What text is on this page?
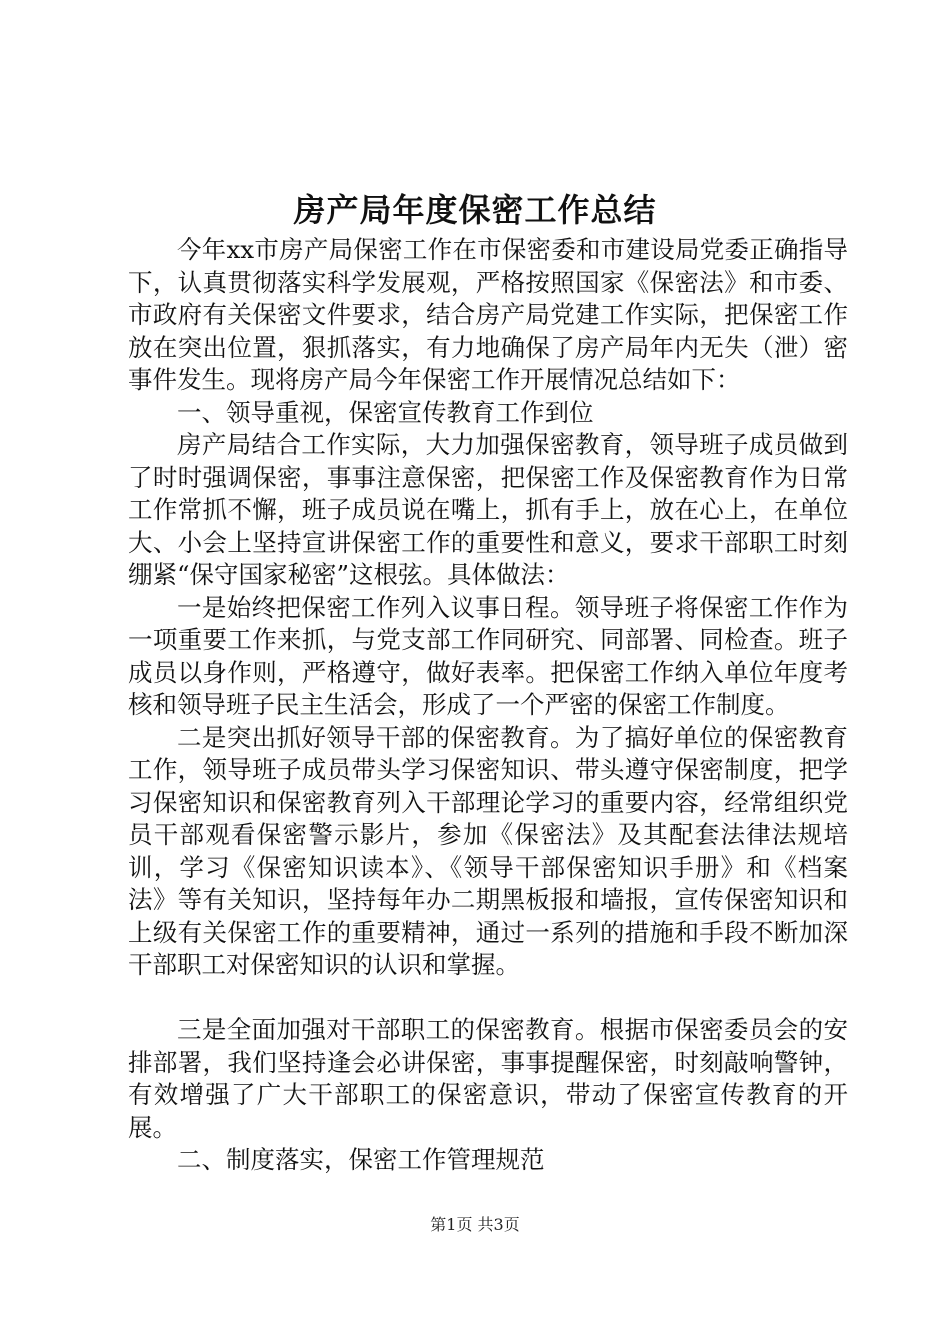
房产局年度保密工作总结

今年xx市房产局保密工作在市保密委和市建设局党委正确指导下，认真贯彻落实科学发展观，严格按照国家《保密法》和市委、市政府有关保密文件要求，结合房产局党建工作实际，把保密工作放在突出位置，狠抓落实，有力地确保了房产局年内无失（泄）密事件发生。现将房产局今年保密工作开展情况总结如下：

一、领导重视，保密宣传教育工作到位

房产局结合工作实际，大力加强保密教育，领导班子成员做到了时时强调保密，事事注意保密，把保密工作及保密教育作为日常工作常抓不懈，班子成员说在嘴上，抓有手上，放在心上，在单位大、小会上坚持宣讲保密工作的重要性和意义，要求干部职工时刻绷紧“保守国家秘密”这根弦。具体做法：

一是始终把保密工作列入议事日程。领导班子将保密工作作为一项重要工作来抓，与党支部工作同研究、同部署、同检查。班子成员以身作则，严格遵守，做好表率。把保密工作纳入单位年度考核和领导班子民主生活会，形成了一个严密的保密工作制度。

二是突出抓好领导干部的保密教育。为了搞好单位的保密教育工作，领导班子成员带头学习保密知识、带头遵守保密制度，把学习保密知识和保密教育列入干部理论学习的重要内容，经常组织党员干部观看保密警示影片，参加《保密法》及其配套法律法规培训，学习《保密知识读本》、《领导干部保密知识手册》和《档案法》等有关知识，坚持每年办二期黑板报和墙报，宣传保密知识和上级有关保密工作的重要精神，通过一系列的措施和手段不断加深干部职工对保密知识的认识和掌握。

三是全面加强对干部职工的保密教育。根据市保密委员会的安排部署，我们坚持逢会必讲保密，事事提醒保密，时刻敲响警钟，有效增强了广大干部职工的保密意识，带动了保密宣传教育的开展。

二、制度落实，保密工作管理规范

第1页 共3页
